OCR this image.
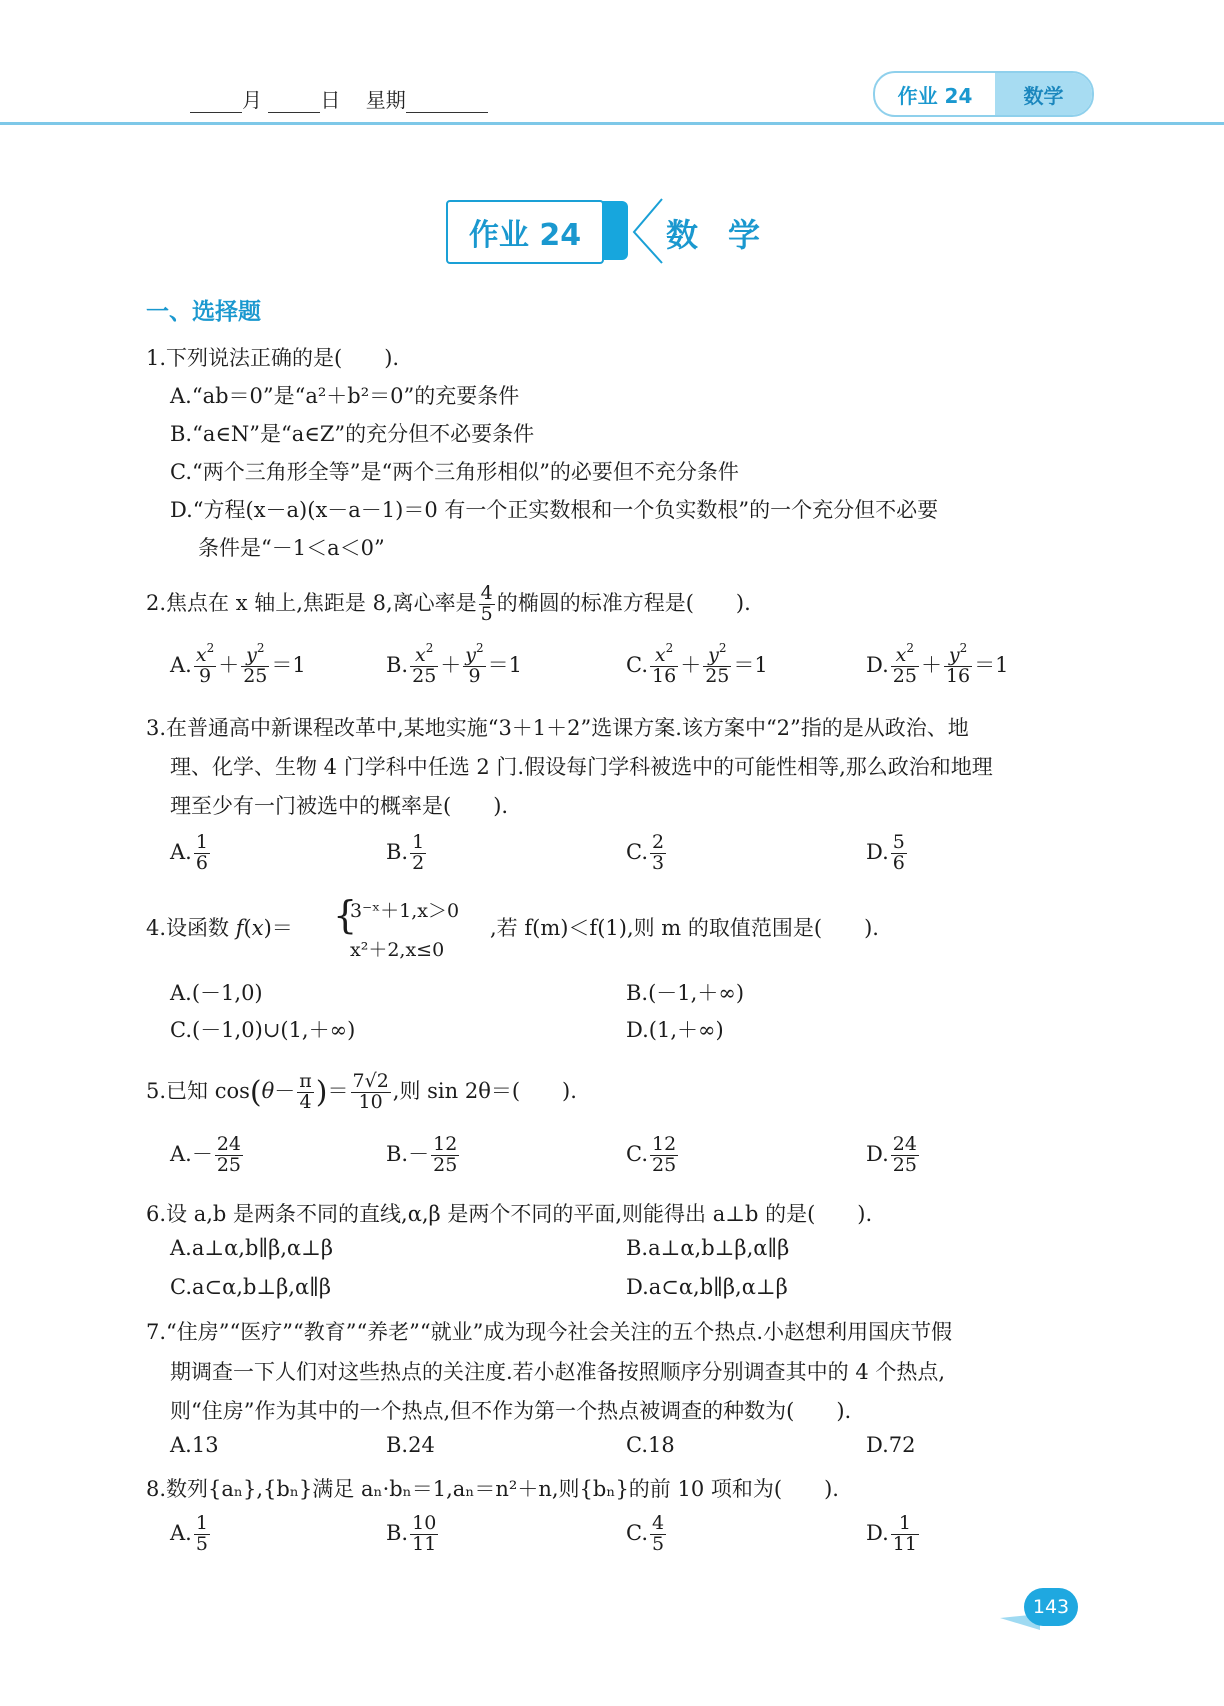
月	日 星期	作业 24	数学
作业 24	数学
一、选择题
1.下列说法正确的是(　　).
A.“ab＝0”是“a²＋b²＝0”的充要条件
B.“a∈N”是“a∈Z”的充分但不必要条件
C.“两个三角形全等”是“两个三角形相似”的必要但不充分条件
D.“方程(x－a)(x－a－1)＝0 有一个正实数根和一个负实数根”的一个充分但不必要
条件是“－1＜a＜0”
2.焦点在 x 轴上,焦距是 8,离心率是 $\frac{4}{5}$ 的椭圆的标准方程是(　　).
A. $\frac{x^2}{9} + \frac{y^2}{25} =1$	B. $\frac{x^2}{25} + \frac{y^2}{9} =1$	C. $\frac{x^2}{16} + \frac{y^2}{25} =1$	D. $\frac{x^2}{25} + \frac{y^2}{16} =1$
3.在普通高中新课程改革中,某地实施“3＋1＋2”选课方案.该方案中“2”指的是从政治、地
理、化学、生物 4 门学科中任选 2 门.假设每门学科被选中的可能性相等,那么政治和地理
理至少有一门被选中的概率是(　　).
A. $\frac{1}{6}$	B. $\frac{1}{2}$	C. $\frac{2}{3}$	D. $\frac{5}{6}$
4.设函数 f(x)＝ {
3⁻ˣ＋1,x＞0
x²＋2,x≤0
,若 f(m)＜f(1),则 m 的取值范围是(　　).
A.(－1,0)	B.(－1,＋∞)
C.(－1,0)∪(1,＋∞)	D.(1,＋∞)
5.已知 $\cos(\theta- \frac{\pi}{4}$ )＝ $\frac{7√2}{10}$ ,则 sin 2θ＝(　　).
$A.- \frac{24}{25}$	$B.- \frac{12}{25}$	C. $\frac{12}{25}$	D. $\frac{24}{25}$
6.设 a,b 是两条不同的直线,α,β 是两个不同的平面,则能得出 a⊥b 的是(　　).
A.a⊥α,b∥β,α⊥β	B.a⊥α,b⊥β,α∥β
C.a⊂α,b⊥β,α∥β	D.a⊂α,b∥β,α⊥β
7.“住房”“医疗”“教育”“养老”“就业”成为现今社会关注的五个热点.小赵想利用国庆节假
期调查一下人们对这些热点的关注度.若小赵准备按照顺序分别调查其中的 4 个热点,
则“住房”作为其中的一个热点,但不作为第一个热点被调查的种数为(　　).
A.13	B.24	C.18	D.72
8.数列{aₙ},{bₙ}满足 aₙ·bₙ＝1,aₙ＝n²＋n,则{bₙ}的前 10 项和为(　　).
A. $\frac{1}{5}$	B. $\frac{10}{11}$	C. $\frac{4}{5}$	D. $\frac{1}{11}$
143
